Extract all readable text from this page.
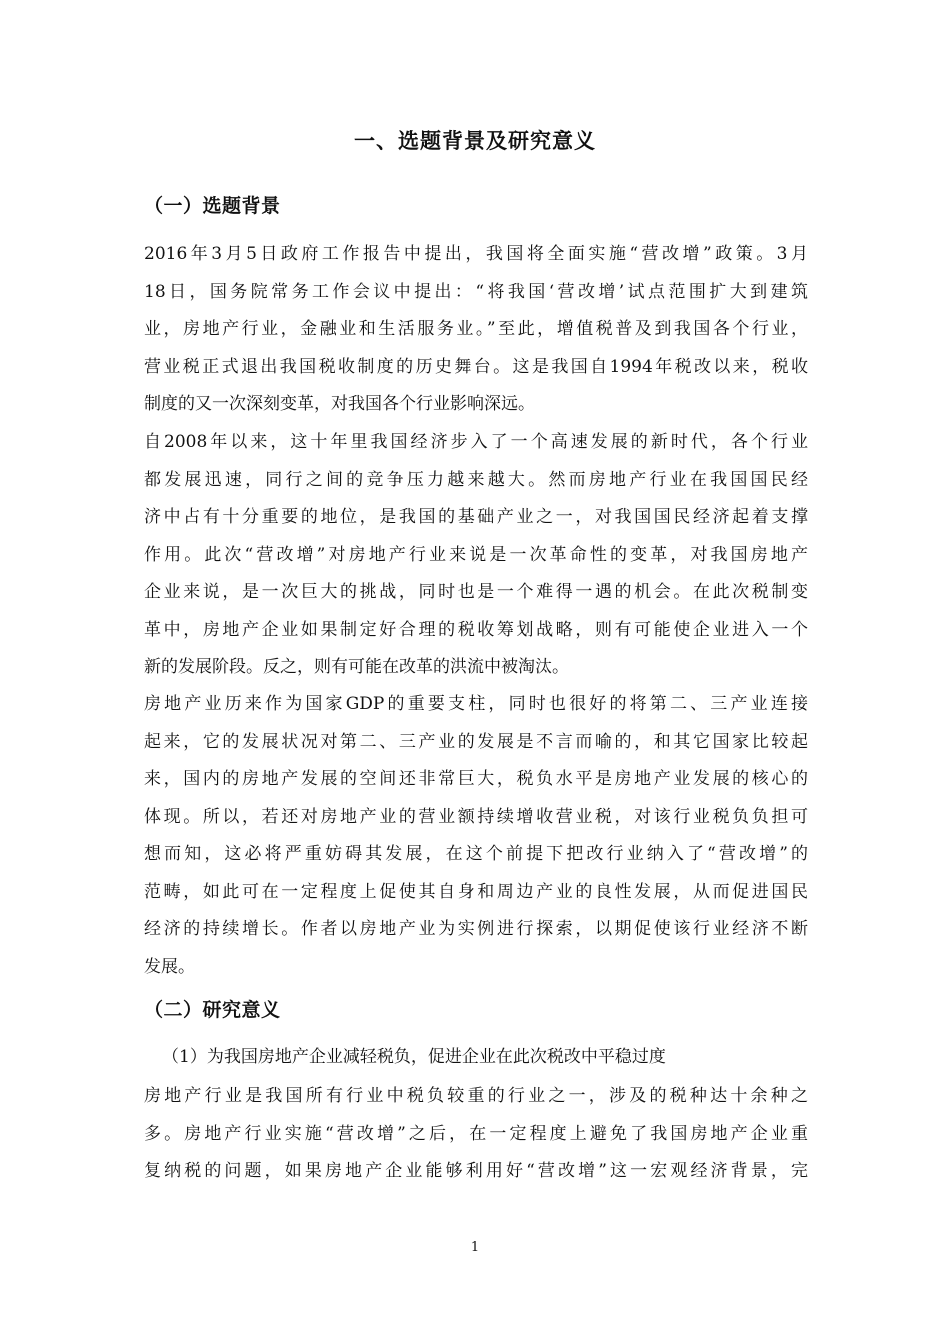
一、选题背景及研究意义
（一）选题背景
2016年3月5日政府工作报告中提出，我国将全面实施“营改增”政策。3月
18日，国务院常务工作会议中提出：“将我国‘营改增’试点范围扩大到建筑
业，房地产行业，金融业和生活服务业。”至此，增值税普及到我国各个行业，
营业税正式退出我国税收制度的历史舞台。这是我国自1994年税改以来，税收
制度的又一次深刻变革，对我国各个行业影响深远。
自2008年以来，这十年里我国经济步入了一个高速发展的新时代，各个行业
都发展迅速，同行之间的竞争压力越来越大。然而房地产行业在我国国民经
济中占有十分重要的地位，是我国的基础产业之一，对我国国民经济起着支撑
作用。此次“营改增”对房地产行业来说是一次革命性的变革，对我国房地产
企业来说，是一次巨大的挑战，同时也是一个难得一遇的机会。在此次税制变
革中，房地产企业如果制定好合理的税收筹划战略，则有可能使企业进入一个
新的发展阶段。反之，则有可能在改革的洪流中被淘汰。
房地产业历来作为国家GDP的重要支柱，同时也很好的将第二、三产业连接
起来，它的发展状况对第二、三产业的发展是不言而喻的，和其它国家比较起
来，国内的房地产发展的空间还非常巨大，税负水平是房地产业发展的核心的
体现。所以，若还对房地产业的营业额持续增收营业税，对该行业税负负担可
想而知，这必将严重妨碍其发展，在这个前提下把改行业纳入了“营改增”的
范畴，如此可在一定程度上促使其自身和周边产业的良性发展，从而促进国民
经济的持续增长。作者以房地产业为实例进行探索，以期促使该行业经济不断
发展。
（二）研究意义
（1）为我国房地产企业减轻税负，促进企业在此次税改中平稳过度
房地产行业是我国所有行业中税负较重的行业之一，涉及的税种达十余种之
多。房地产行业实施“营改增”之后，在一定程度上避免了我国房地产企业重
复纳税的问题，如果房地产企业能够利用好“营改增”这一宏观经济背景，完
1
